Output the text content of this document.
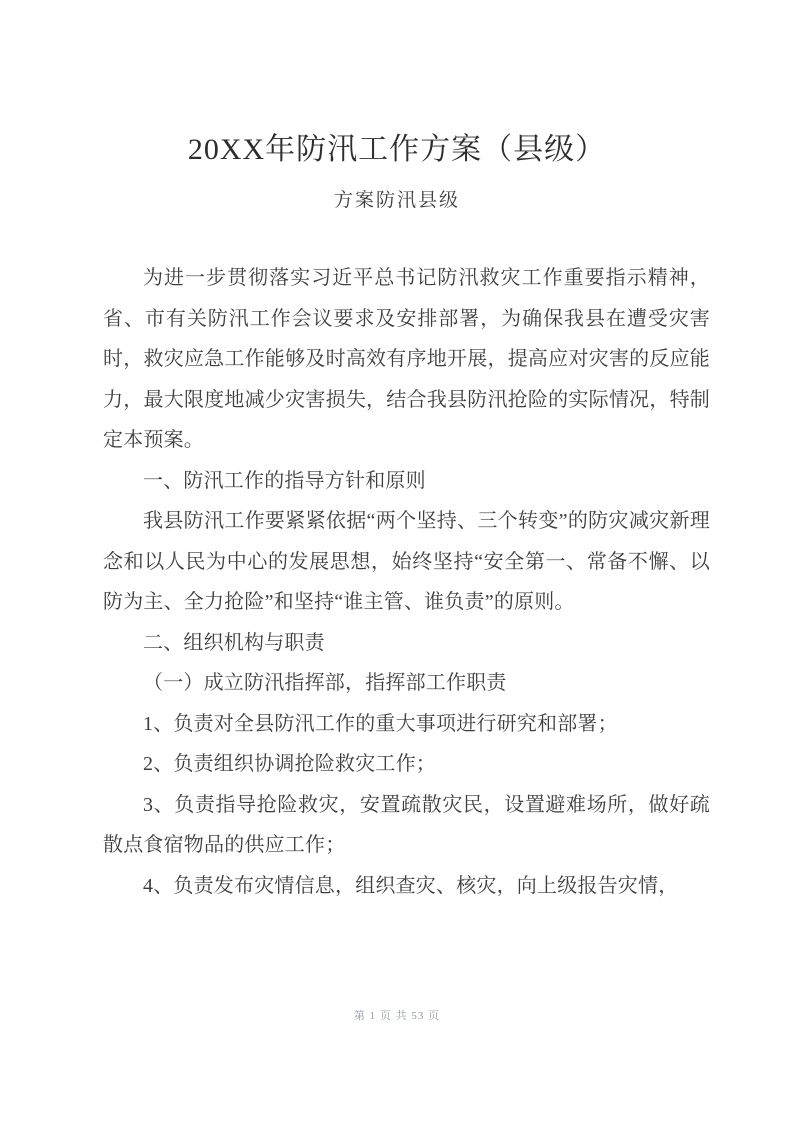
20XX年防汛工作方案（县级）
方案防汛县级

为进一步贯彻落实习近平总书记防汛救灾工作重要指示精神，省、市有关防汛工作会议要求及安排部署，为确保我县在遭受灾害时，救灾应急工作能够及时高效有序地开展，提高应对灾害的反应能力，最大限度地减少灾害损失，结合我县防汛抢险的实际情况，特制定本预案。

一、防汛工作的指导方针和原则

我县防汛工作要紧紧依据“两个坚持、三个转变”的防灾减灾新理念和以人民为中心的发展思想，始终坚持“安全第一、常备不懈、以防为主、全力抢险”和坚持“谁主管、谁负责”的原则。

二、组织机构与职责

（一）成立防汛指挥部，指挥部工作职责

1、负责对全县防汛工作的重大事项进行研究和部署；

2、负责组织协调抢险救灾工作；

3、负责指导抢险救灾，安置疏散灾民，设置避难场所，做好疏散点食宿物品的供应工作；

4、负责发布灾情信息，组织查灾、核灾，向上级报告灾情，

第 1 页 共 53 页
